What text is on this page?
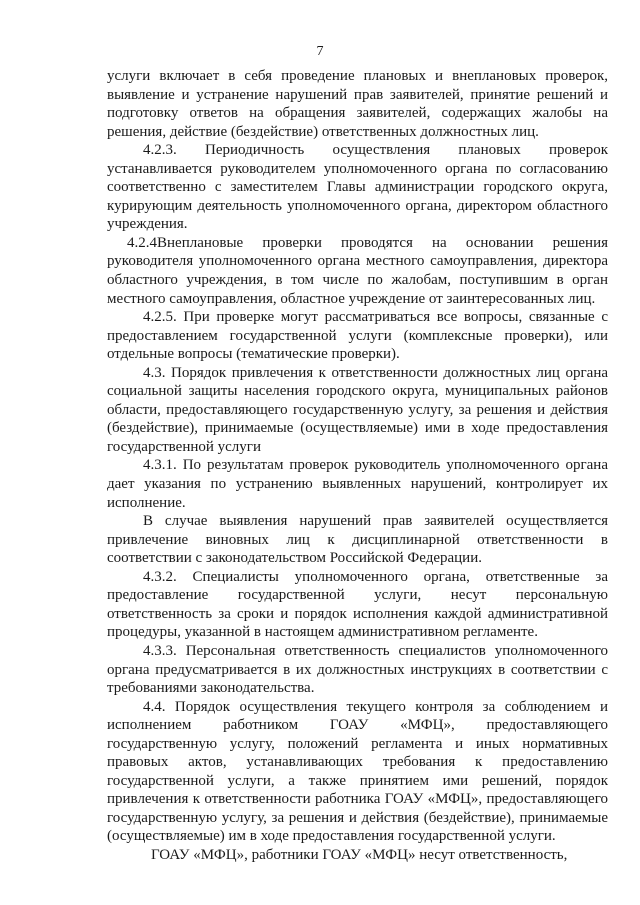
7

услуги включает в себя проведение плановых и внеплановых проверок, выявление и устранение нарушений прав заявителей, принятие решений и подготовку ответов на обращения заявителей, содержащих жалобы на решения, действие (бездействие) ответственных должностных лиц.

4.2.3. Периодичность осуществления плановых проверок устанавливается руководителем уполномоченного органа по согласованию соответственно с заместителем Главы администрации городского округа, курирующим деятельность уполномоченного органа, директором областного учреждения.

4.2.4Внеплановые проверки проводятся на основании решения руководителя уполномоченного органа местного самоуправления, директора областного учреждения, в том числе по жалобам, поступившим в орган местного самоуправления, областное учреждение от заинтересованных лиц.

4.2.5. При проверке могут рассматриваться все вопросы, связанные с предоставлением государственной услуги (комплексные проверки), или отдельные вопросы (тематические проверки).

4.3. Порядок привлечения к ответственности должностных лиц органа социальной защиты населения городского округа, муниципальных районов области, предоставляющего государственную услугу, за решения и действия (бездействие), принимаемые (осуществляемые) ими в ходе предоставления государственной услуги

4.3.1. По результатам проверок руководитель уполномоченного органа дает указания по устранению выявленных нарушений, контролирует их исполнение.

В случае выявления нарушений прав заявителей осуществляется привлечение виновных лиц к дисциплинарной ответственности в соответствии с законодательством Российской Федерации.

4.3.2. Специалисты уполномоченного органа, ответственные за предоставление государственной услуги, несут персональную ответственность за сроки и порядок исполнения каждой административной процедуры, указанной в настоящем административном регламенте.

4.3.3. Персональная ответственность специалистов уполномоченного органа предусматривается в их должностных инструкциях в соответствии с требованиями законодательства.

4.4. Порядок осуществления текущего контроля за соблюдением и исполнением работником ГОАУ «МФЦ», предоставляющего государственную услугу, положений регламента и иных нормативных правовых актов, устанавливающих требования к предоставлению государственной услуги, а также принятием ими решений, порядок привлечения к ответственности работника ГОАУ «МФЦ», предоставляющего государственную услугу, за решения и действия (бездействие), принимаемые (осуществляемые) им в ходе предоставления государственной услуги.

ГОАУ «МФЦ», работники ГОАУ «МФЦ» несут ответственность,
